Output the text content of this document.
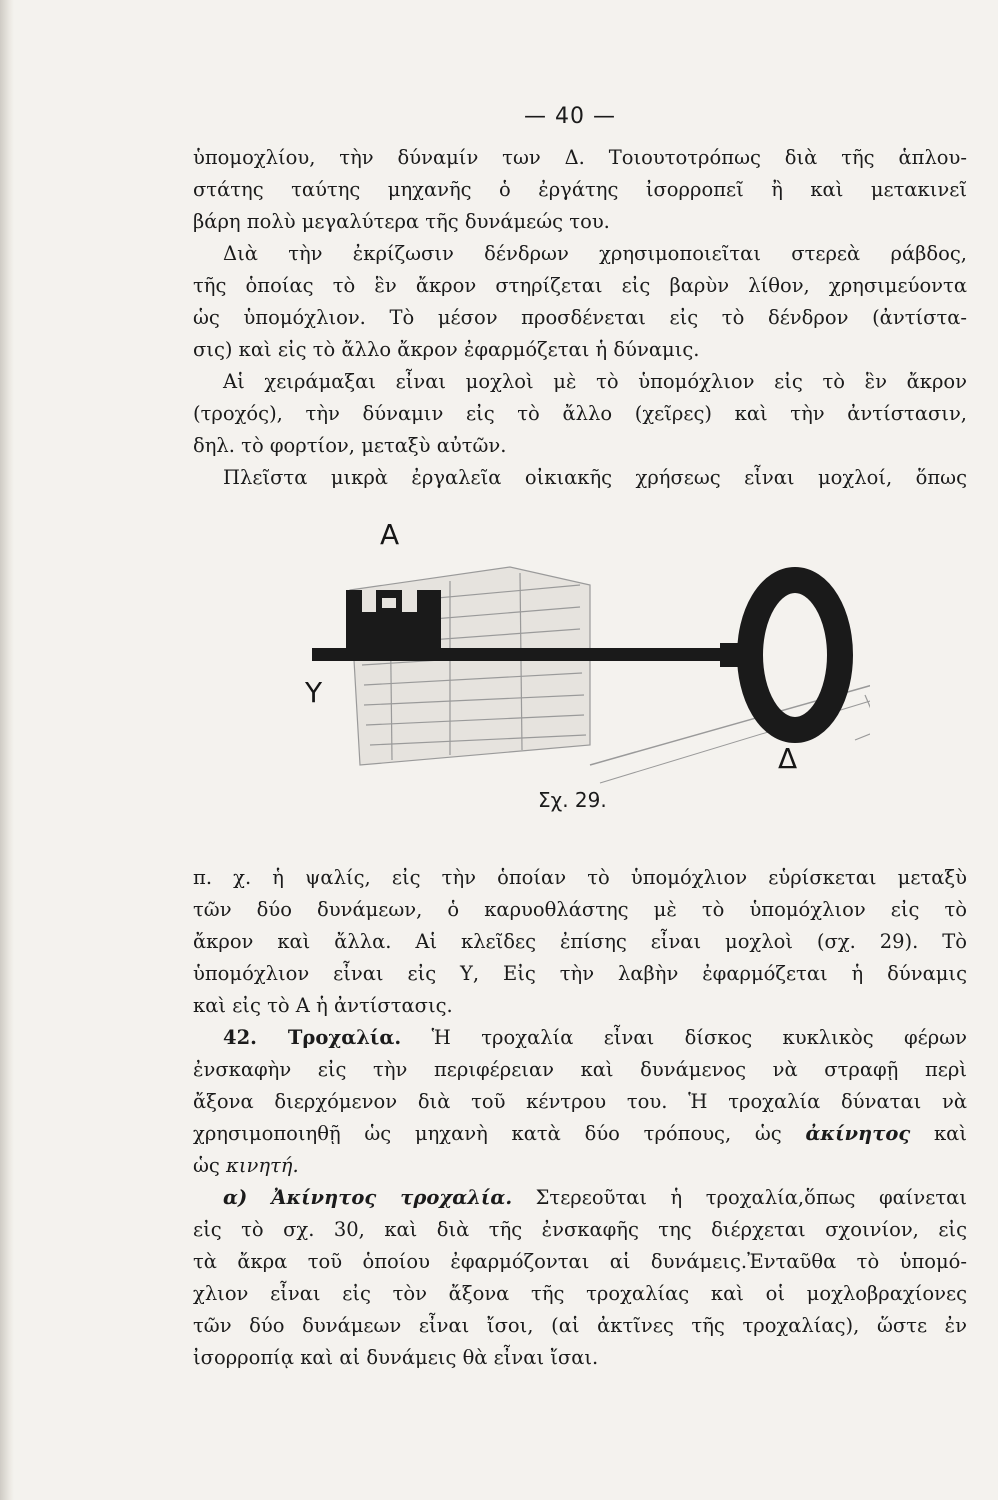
— 40 —

ὑπομοχλίου, τὴν δύναμίν των Δ. Τοιουτοτρόπως διὰ τῆς ἁπλου-

στάτης ταύτης μηχανῆς ὁ ἐργάτης ἰσορροπεῖ ἢ καὶ μετακινεῖ

βάρη πολὺ μεγαλύτερα τῆς δυνάμεώς του.

Διὰ τὴν ἐκρίζωσιν δένδρων χρησιμοποιεῖται στερεὰ ράβδος,

τῆς ὁποίας τὸ ἓν ἄκρον στηρίζεται εἰς βαρὺν λίθον, χρησιμεύοντα

ὡς ὑπομόχλιον. Τὸ μέσον προσδένεται εἰς τὸ δένδρον (ἀντίστα-

σις) καὶ εἰς τὸ ἄλλο ἄκρον ἐφαρμόζεται ἡ δύναμις.

Αἱ χειράμαξαι εἶναι μοχλοὶ μὲ τὸ ὑπομόχλιον εἰς τὸ ἓν ἄκρον

(τροχός), τὴν δύναμιν εἰς τὸ ἄλλο (χεῖρες) καὶ τὴν ἀντίστασιν,

δηλ. τὸ φορτίον, μεταξὺ αὐτῶν.

Πλεῖστα μικρὰ ἐργαλεῖα οἰκιακῆς χρήσεως εἶναι μοχλοί, ὅπως

Α
Υ
Δ
Σχ. 29.

π. χ. ἡ ψαλίς, εἰς τὴν ὁποίαν τὸ ὑπομόχλιον εὑρίσκεται μεταξὺ

τῶν δύο δυνάμεων, ὁ καρυοθλάστης μὲ τὸ ὑπομόχλιον εἰς τὸ

ἄκρον καὶ ἄλλα. Αἱ κλεῖδες ἐπίσης εἶναι μοχλοὶ (σχ. 29). Τὸ

ὑπομόχλιον εἶναι εἰς Υ, Εἰς τὴν λαβὴν ἐφαρμόζεται ἡ δύναμις

καὶ εἰς τὸ Α ἡ ἀντίστασις.

42. Τροχαλία. Ἡ τροχαλία εἶναι δίσκος κυκλικὸς φέρων

ἐνσκαφὴν εἰς τὴν περιφέρειαν καὶ δυνάμενος νὰ στραφῇ περὶ

ἄξονα διερχόμενον διὰ τοῦ κέντρου του. Ἡ τροχαλία δύναται νὰ

χρησιμοποιηθῇ ὡς μηχανὴ κατὰ δύο τρόπους, ὡς ἀκίνητος καὶ

ὡς κινητή.

α) Ἀκίνητος τροχαλία. Στερεοῦται ἡ τροχαλία,ὅπως φαίνεται

εἰς τὸ σχ. 30, καὶ διὰ τῆς ἐνσκαφῆς της διέρχεται σχοινίον, εἰς

τὰ ἄκρα τοῦ ὁποίου ἐφαρμόζονται αἱ δυνάμεις.Ἐνταῦθα τὸ ὑπομό-

χλιον εἶναι εἰς τὸν ἄξονα τῆς τροχαλίας καὶ οἱ μοχλοβραχίονες

τῶν δύο δυνάμεων εἶναι ἴσοι, (αἱ ἀκτῖνες τῆς τροχαλίας), ὥστε ἐν

ἰσορροπίᾳ καὶ αἱ δυνάμεις θὰ εἶναι ἴσαι.
